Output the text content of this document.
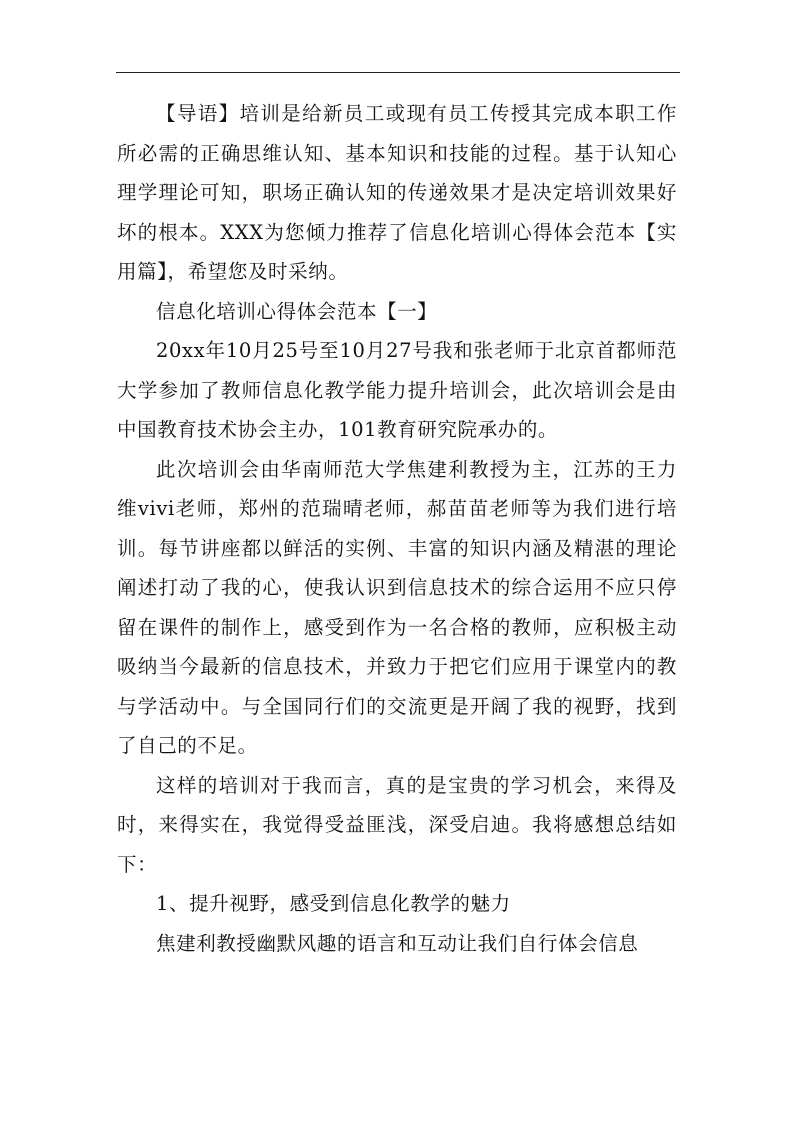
【导语】培训是给新员工或现有员工传授其完成本职工作所必需的正确思维认知、基本知识和技能的过程。基于认知心理学理论可知，职场正确认知的传递效果才是决定培训效果好坏的根本。XXX为您倾力推荐了信息化培训心得体会范本【实用篇】，希望您及时采纳。

信息化培训心得体会范本【一】

20xx年10月25号至10月27号我和张老师于北京首都师范大学参加了教师信息化教学能力提升培训会，此次培训会是由中国教育技术协会主办，101教育研究院承办的。

此次培训会由华南师范大学焦建利教授为主，江苏的王力维vivi老师，郑州的范瑞晴老师，郝苗苗老师等为我们进行培训。每节讲座都以鲜活的实例、丰富的知识内涵及精湛的理论阐述打动了我的心，使我认识到信息技术的综合运用不应只停留在课件的制作上，感受到作为一名合格的教师，应积极主动吸纳当今最新的信息技术，并致力于把它们应用于课堂内的教与学活动中。与全国同行们的交流更是开阔了我的视野，找到了自己的不足。

这样的培训对于我而言，真的是宝贵的学习机会，来得及时，来得实在，我觉得受益匪浅，深受启迪。我将感想总结如下：

1、提升视野，感受到信息化教学的魅力

焦建利教授幽默风趣的语言和互动让我们自行体会信息
